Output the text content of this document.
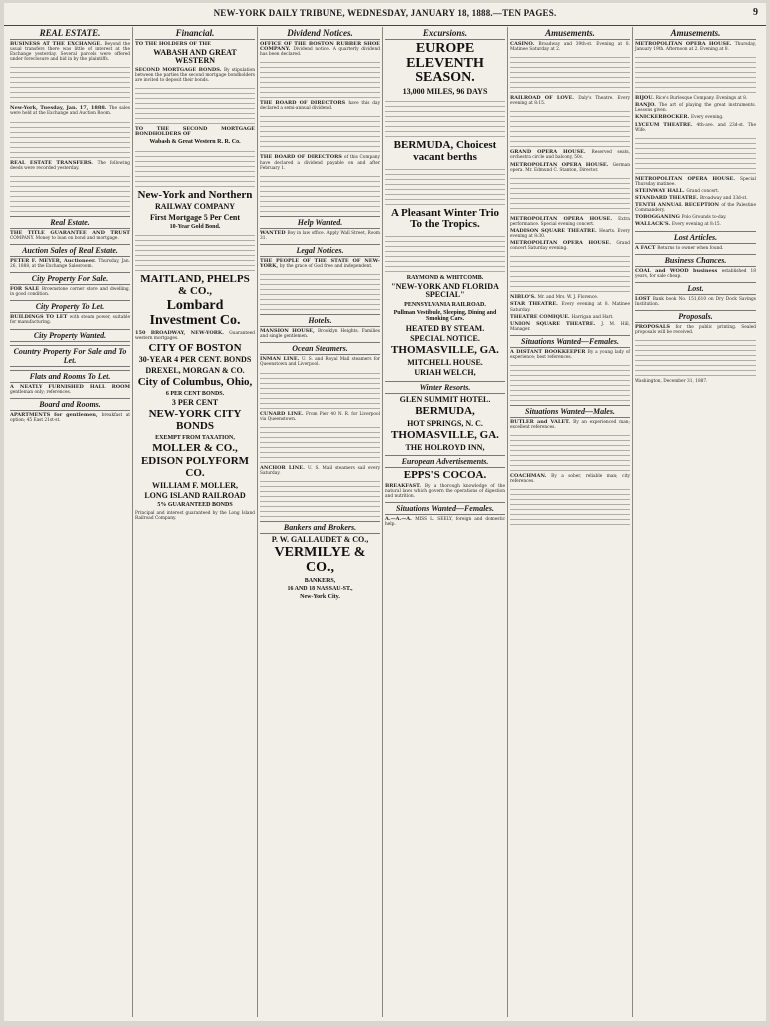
NEW-YORK DAILY TRIBUNE, WEDNESDAY, JANUARY 18, 1888.—TEN PAGES.	9
REAL ESTATE.
BUSINESS AT THE EXCHANGE. Beyond the usual transfers there was little of interest at the Exchange yesterday. Several parcels were offered under foreclosure and bid in by the plaintiffs.
New-York, Tuesday, Jan. 17, 1888. The sales were held at the Exchange and Auction Room.
REAL ESTATE TRANSFERS. The following deeds were recorded yesterday.
Real Estate.
THE TITLE GUARANTEE AND TRUST COMPANY. Money to loan on bond and mortgage.
Auction Sales of Real Estate.
PETER F. MEYER, Auctioneer. Thursday, Jan. 26, 1888, at the Exchange Salesroom.
City Property For Sale.
FOR SALE Brownstone corner store and dwelling, in good condition.
City Property To Let.
BUILDINGS TO LET with steam power, suitable for manufacturing.
City Property Wanted.
Country Property For Sale and To Let.
Flats and Rooms To Let.
A NEATLY FURNISHED HALL ROOM gentleman only; references.
Board and Rooms.
APARTMENTS for gentlemen, breakfast at option; 45 East 21st-st.
Financial.
TO THE HOLDERS OF THE
WABASH AND GREAT WESTERN
SECOND MORTGAGE BONDS. By stipulation between the parties the second mortgage bondholders are invited to deposit their bonds.
TO THE SECOND MORTGAGE BONDHOLDERS OF
Wabash & Great Western R. R. Co.
New-York and Northern
RAILWAY COMPANY
First Mortgage 5 Per Cent
10-Year Gold Bond.
MAITLAND, PHELPS & CO.,
Lombard Investment Co.
150 BROADWAY, NEW-YORK. Guaranteed western mortgages.
CITY OF BOSTON
30-YEAR 4 PER CENT. BONDS
DREXEL, MORGAN & CO.
City of Columbus, Ohio,
6 PER CENT BONDS.
3 PER CENT
NEW-YORK CITY BONDS
EXEMPT FROM TAXATION,
MOLLER & CO.,
EDISON POLYFORM CO.
WILLIAM F. MOLLER,
LONG ISLAND RAILROAD
5% GUARANTEED BONDS
Principal and interest guaranteed by the Long Island Railroad Company.
Dividend Notices.
OFFICE OF THE BOSTON RUBBER SHOE COMPANY. Dividend notice. A quarterly dividend has been declared.
THE BOARD OF DIRECTORS have this day declared a semi-annual dividend.
THE BOARD OF DIRECTORS of this Company have declared a dividend payable on and after February 1.
Help Wanted.
WANTED Boy in law office. Apply Wall Street, Room 31.
Legal Notices.
THE PEOPLE OF THE STATE OF NEW-YORK, by the grace of God free and independent.
Hotels.
MANSION HOUSE, Brooklyn Heights. Families and single gentlemen.
Ocean Steamers.
INMAN LINE. U. S. and Royal Mail steamers for Queenstown and Liverpool.
CUNARD LINE. From Pier 40 N. R. for Liverpool via Queenstown.
ANCHOR LINE. U. S. Mail steamers sail every Saturday.
Bankers and Brokers.
P. W. GALLAUDET & CO.,
VERMILYE & CO.,
BANKERS,
16 AND 18 NASSAU-ST.,
New-York City.
Excursions.
EUROPE ELEVENTH SEASON.
13,000 MILES, 96 DAYS
BERMUDA, Choicest vacant berths
A Pleasant Winter Trio To the Tropics.
RAYMOND & WHITCOMB.
"NEW-YORK AND FLORIDA SPECIAL"
PENNSYLVANIA RAILROAD.
Pullman Vestibule, Sleeping, Dining and Smoking Cars.
HEATED BY STEAM.
SPECIAL NOTICE.
THOMASVILLE, GA.
MITCHELL HOUSE.
URIAH WELCH,
Winter Resorts.
GLEN SUMMIT HOTEL.
BERMUDA,
HOT SPRINGS, N. C.
THOMASVILLE, GA.
THE HOLROYD INN,
European Advertisements.
EPPS'S COCOA.
BREAKFAST. By a thorough knowledge of the natural laws which govern the operations of digestion and nutrition.
Situations Wanted—Females.
A.—A.—A. MISS L. SEELY, foreign and domestic help.
Amusements.
CASINO. Broadway and 39th-st. Evening at 8. Matinee Saturday at 2.
RAILROAD OF LOVE. Daly's Theatre. Every evening at 8:15.
GRAND OPERA HOUSE. Reserved seats, orchestra circle and balcony, 50c.
METROPOLITAN OPERA HOUSE. German opera. Mr. Edmund C. Stanton, Director.
METROPOLITAN OPERA HOUSE. Extra performance. Special evening concert.
MADISON SQUARE THEATRE. Hearts. Every evening at 8:30.
METROPOLITAN OPERA HOUSE. Grand concert Saturday evening.
NIBLO'S. Mr. and Mrs. W. J. Florence.
STAR THEATRE. Every evening at 8. Matinee Saturday.
THEATRE COMIQUE. Harrigan and Hart.
UNION SQUARE THEATRE. J. M. Hill, Manager.
Situations Wanted—Females.
A DISTANT BOOKKEEPER By a young lady of experience; best references.
Situations Wanted—Males.
BUTLER and VALET. By an experienced man; excellent references.
COACHMAN. By a sober, reliable man; city references.
Amusements.
METROPOLITAN OPERA HOUSE. Thursday, January 19th. Afternoon at 2. Evening at 8.
BIJOU. Rice's Burlesque Company. Evenings at 8.
BANJO. The art of playing the great instruments. Lessons given.
KNICKERBOCKER. Every evening.
LYCEUM THEATRE. 4th-ave. and 23d-st. The Wife.
METROPOLITAN OPERA HOUSE. Special Thursday matinee.
STEINWAY HALL. Grand concert.
STANDARD THEATRE. Broadway and 33d-st.
TENTH ANNUAL RECEPTION of the Palestine Commandery.
TOBOGGANING Polo Grounds to-day.
WALLACK'S. Every evening at 8:15.
Lost Articles.
A FACT Returns to owner when found.
Business Chances.
COAL and WOOD business established 18 years, for sale cheap.
Lost.
LOST Bank book No. 151,610 on Dry Dock Savings Institution.
Proposals.
PROPOSALS for the public printing. Sealed proposals will be received.
Washington, December 31, 1887.
